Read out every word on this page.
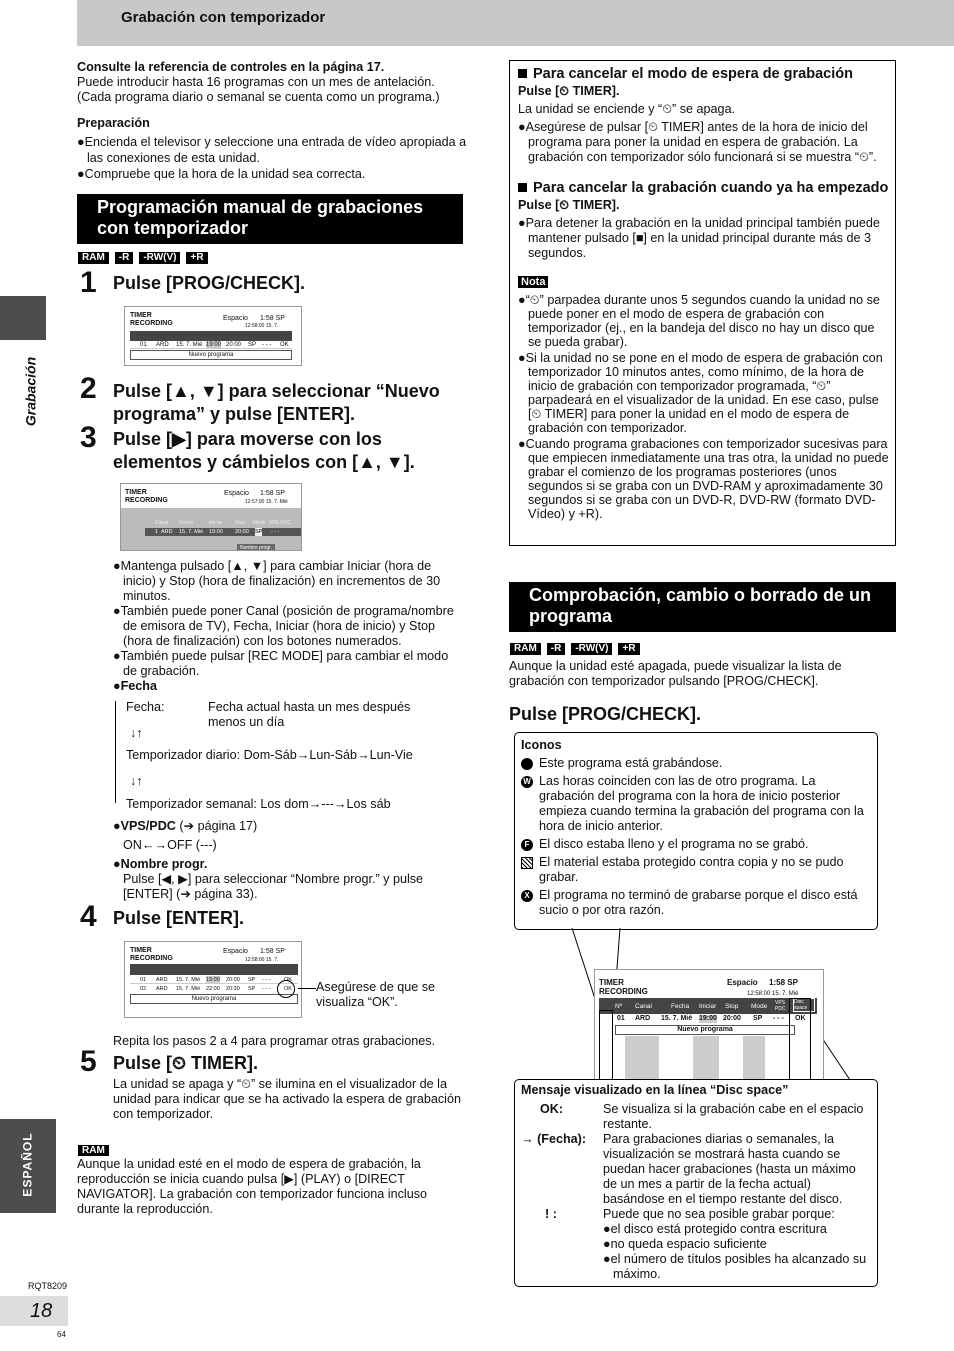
Grabación con temporizador
Grabación
ESPAÑOL
Consulte la referencia de controles en la página 17.
Puede introducir hasta 16 programas con un mes de antelación.
(Cada programa diario o semanal se cuenta como un programa.)
Preparación
●Encienda el televisor y seleccione una entrada de vídeo apropiada a las conexiones de esta unidad.
●Compruebe que la hora de la unidad sea correcta.
Programación manual de grabaciones con temporizador
RAM	-R	-RW(V)	+R
1 Pulse [PROG/CHECK].
TIMER
RECORDING
Espacio 1:58 SP
12:58:00 15. 7.
01 ARD 15. 7. Mié 19:00 20:00 SP - - - OK
Nuevo programa
2 Pulse [▲, ▼] para seleccionar “Nuevo programa” y pulse [ENTER].
3 Pulse [▶] para moverse con los elementos y cámbielos con [▲, ▼].
TIMER
RECORDING
Espacio 1:58 SP
12:57:00 15. 7. Mié
Canal Fecha	Iniciar	Stop Mode VPS PDC
1 ARD 15. 7. Mié 19:00 20:00 SP - - -
Nombre progr.
●Mantenga pulsado [▲, ▼] para cambiar Iniciar (hora de inicio) y Stop (hora de finalización) en incrementos de 30 minutos.
●También puede poner Canal (posición de programa/nombre de emisora de TV), Fecha, Iniciar (hora de inicio) y Stop (hora de finalización) con los botones numerados.
●También puede pulsar [REC MODE] para cambiar el modo de grabación.
●Fecha
Fecha:	Fecha actual hasta un mes después menos un día
↓↑
Temporizador diario: Dom-Sáb→Lun-Sáb→Lun-Vie
↓↑
Temporizador semanal: Los dom→---→Los sáb
●VPS/PDC (➔ página 17)
ON←→OFF (---)
●Nombre progr.
Pulse [◀, ▶] para seleccionar “Nombre progr.” y pulse [ENTER] (➔ página 33).
4 Pulse [ENTER].
TIMER
RECORDING
Espacio 1:58 SP
12:58:00 15. 7.
01 ARD 15. 7. Mié 19:00 20:00 SP - - - OK
02 ARD 15. 7. Mié 22:00 20:30 SP - - - OK
Nuevo programa
Asegúrese de que se visualiza “OK”.
Repita los pasos 2 a 4 para programar otras grabaciones.
5 Pulse [⏲ TIMER].
La unidad se apaga y “⏲” se ilumina en el visualizador de la unidad para indicar que se ha activado la espera de grabación con temporizador.
RAM
Aunque la unidad esté en el modo de espera de grabación, la reproducción se inicia cuando pulsa [▶] (PLAY) o [DIRECT NAVIGATOR]. La grabación con temporizador funciona incluso durante la reproducción.
RQT8209
18
64
Para cancelar el modo de espera de grabación
Pulse [⏲ TIMER].
La unidad se enciende y “⏲” se apaga.
●Asegúrese de pulsar [⏲ TIMER] antes de la hora de inicio del programa para poner la unidad en espera de grabación. La grabación con temporizador sólo funcionará si se muestra “⏲”.
Para cancelar la grabación cuando ya ha empezado
Pulse [⏲ TIMER].
●Para detener la grabación en la unidad principal también puede mantener pulsado [■] en la unidad principal durante más de 3 segundos.
Nota
●“⏲” parpadea durante unos 5 segundos cuando la unidad no se puede poner en el modo de espera de grabación con temporizador (ej., en la bandeja del disco no hay un disco que se pueda grabar).
●Si la unidad no se pone en el modo de espera de grabación con temporizador 10 minutos antes, como mínimo, de la hora de inicio de grabación con temporizador programada, “⏲” parpadeará en el visualizador de la unidad. En ese caso, pulse [⏲ TIMER] para poner la unidad en el modo de espera de grabación con temporizador.
●Cuando programa grabaciones con temporizador sucesivas para que empiecen inmediatamente una tras otra, la unidad no puede grabar el comienzo de los programas posteriores (unos segundos si se graba con un DVD-RAM y aproximadamente 30 segundos si se graba con un DVD-R, DVD-RW (formato DVD-Vídeo) y +R).
Comprobación, cambio o borrado de un programa
RAM	-R	-RW(V)	+R
Aunque la unidad esté apagada, puede visualizar la lista de grabación con temporizador pulsando [PROG/CHECK].
Pulse [PROG/CHECK].
Iconos
Este programa está grabándose.
W Las horas coinciden con las de otro programa. La grabación del programa con la hora de inicio posterior empieza cuando termina la grabación del programa con la hora de inicio anterior.
F El disco estaba lleno y el programa no se grabó.
El material estaba protegido contra copia y no se pudo grabar.
X El programa no terminó de grabarse porque el disco está sucio o por otra razón.
TIMER
RECORDING
Espacio 1:58 SP
12:58:00 15. 7. Mié
Nº Canal	Fecha Iniciar Stop Mode VPS PDC
Disc space
01 ARD 15. 7. Mié 19:00 20:00 SP - - - OK
Nuevo programa
Mensaje visualizado en la línea “Disc space”
OK:	Se visualiza si la grabación cabe en el espacio restante.
→ (Fecha):	Para grabaciones diarias o semanales, la visualización se mostrará hasta cuando se puedan hacer grabaciones (hasta un máximo de un mes a partir de la fecha actual) basándose en el tiempo restante del disco.
! :	Puede que no sea posible grabar porque:
●el disco está protegido contra escritura
●no queda espacio suficiente
●el número de títulos posibles ha alcanzado su máximo.
